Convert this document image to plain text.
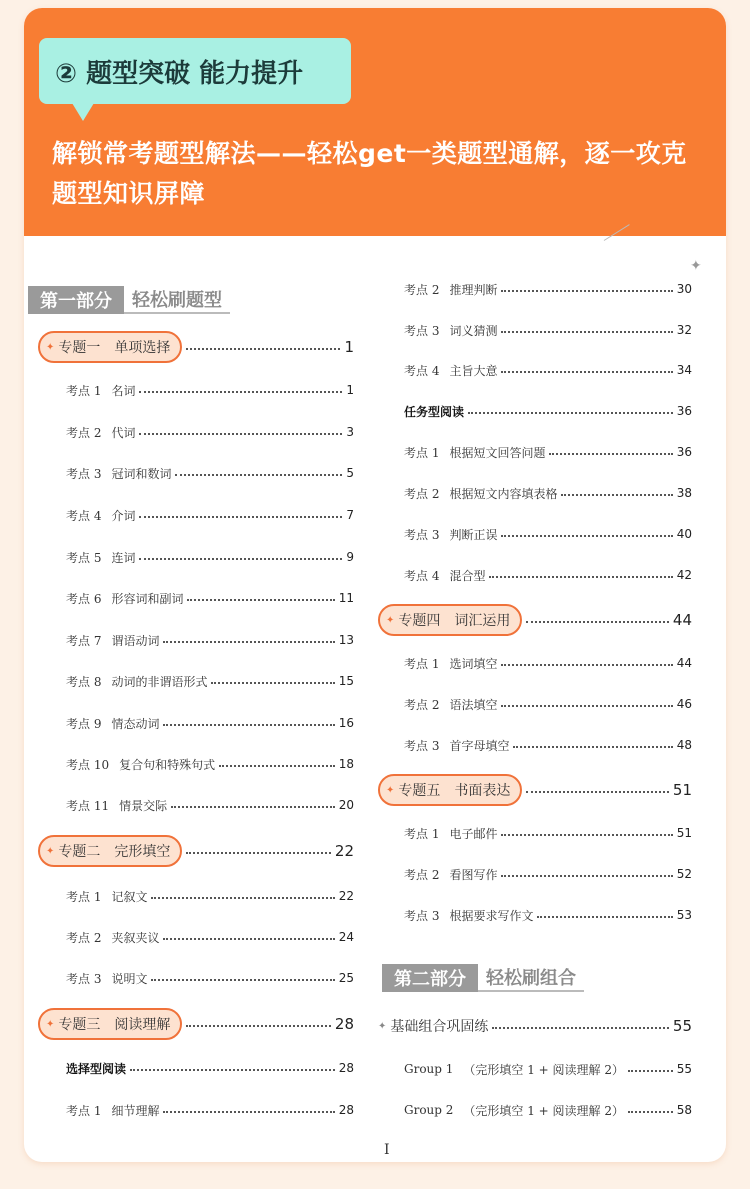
② 题型突破 能力提升
解锁常考题型解法——轻松get一类题型通解，逐一攻克题型知识屏障
✦
第一部分	轻松刷题型
第二部分	轻松刷组合
✦ 专题一　单项选择	1
考点 1 名词	1
考点 2 代词	3
考点 3 冠词和数词	5
考点 4 介词	7
考点 5 连词	9
考点 6 形容词和副词	11
考点 7 谓语动词	13
考点 8 动词的非谓语形式	15
考点 9 情态动词	16
考点 10 复合句和特殊句式	18
考点 11 情景交际	20
✦ 专题二　完形填空	22
考点 1 记叙文	22
考点 2 夹叙夹议	24
考点 3 说明文	25
✦ 专题三　阅读理解	28
选择型阅读	28
考点 1 细节理解	28
考点 2 推理判断	30
考点 3 词义猜测	32
考点 4 主旨大意	34
任务型阅读	36
考点 1 根据短文回答问题	36
考点 2 根据短文内容填表格	38
考点 3 判断正误	40
考点 4 混合型	42
✦ 专题四　词汇运用	44
考点 1 选词填空	44
考点 2 语法填空	46
考点 3 首字母填空	48
✦ 专题五　书面表达	51
考点 1 电子邮件	51
考点 2 看图写作	52
考点 3 根据要求写作文	53
✦ 基础组合巩固练	55
Group 1 （完形填空 1 + 阅读理解 2）	55
Group 2 （完形填空 1 + 阅读理解 2）	58
I
